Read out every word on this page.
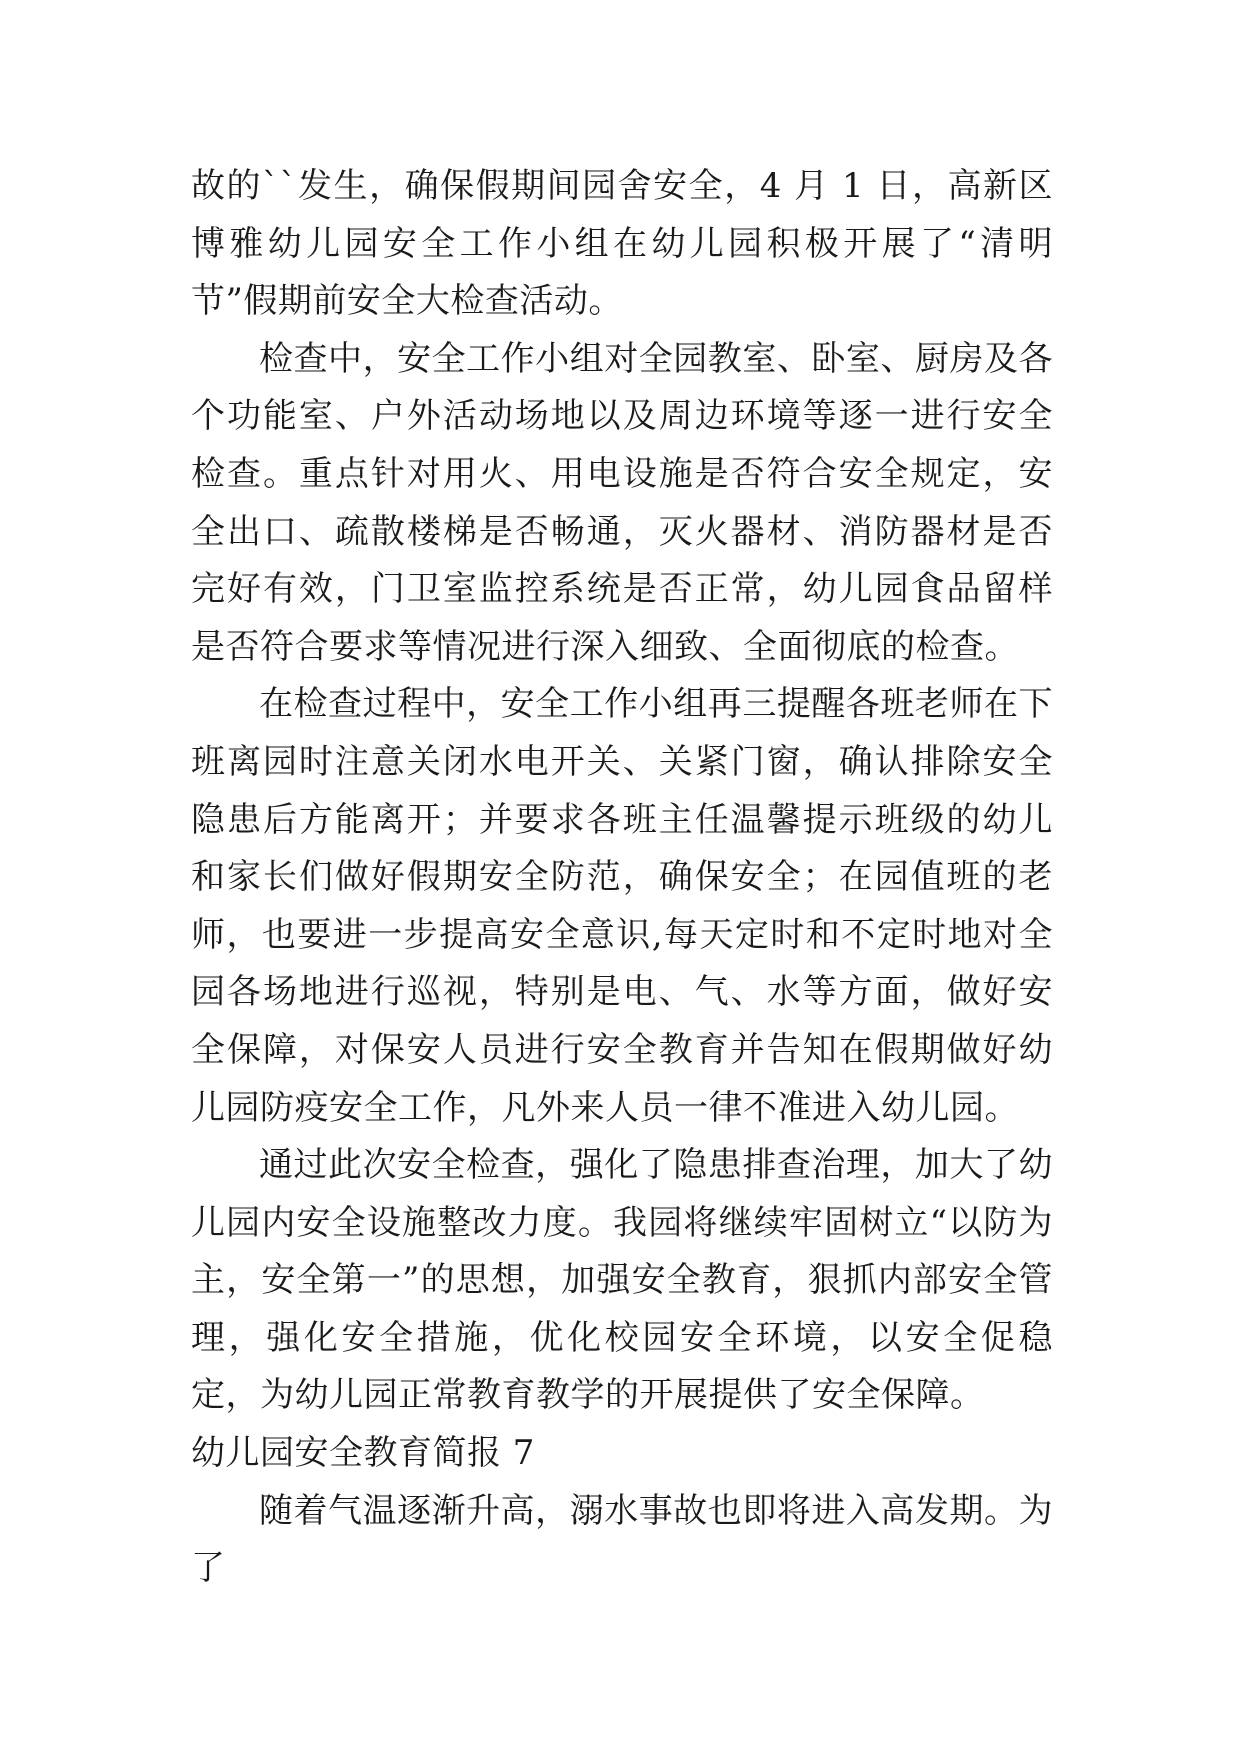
故的``发生，确保假期间园舍安全，4 月 1 日，高新区博雅幼儿园安全工作小组在幼儿园积极开展了“清明节”假期前安全大检查活动。

检查中，安全工作小组对全园教室、卧室、厨房及各个功能室、户外活动场地以及周边环境等逐一进行安全检查。重点针对用火、用电设施是否符合安全规定，安全出口、疏散楼梯是否畅通，灭火器材、消防器材是否完好有效，门卫室监控系统是否正常，幼儿园食品留样是否符合要求等情况进行深入细致、全面彻底的检查。

在检查过程中，安全工作小组再三提醒各班老师在下班离园时注意关闭水电开关、关紧门窗，确认排除安全隐患后方能离开；并要求各班主任温馨提示班级的幼儿和家长们做好假期安全防范，确保安全；在园值班的老师，也要进一步提高安全意识,每天定时和不定时地对全园各场地进行巡视，特别是电、气、水等方面，做好安全保障，对保安人员进行安全教育并告知在假期做好幼儿园防疫安全工作，凡外来人员一律不准进入幼儿园。

通过此次安全检查，强化了隐患排查治理，加大了幼儿园内安全设施整改力度。我园将继续牢固树立“以防为主，安全第一”的思想，加强安全教育，狠抓内部安全管理，强化安全措施，优化校园安全环境，以安全促稳定，为幼儿园正常教育教学的开展提供了安全保障。

幼儿园安全教育简报 7

随着气温逐渐升高，溺水事故也即将进入高发期。为了
